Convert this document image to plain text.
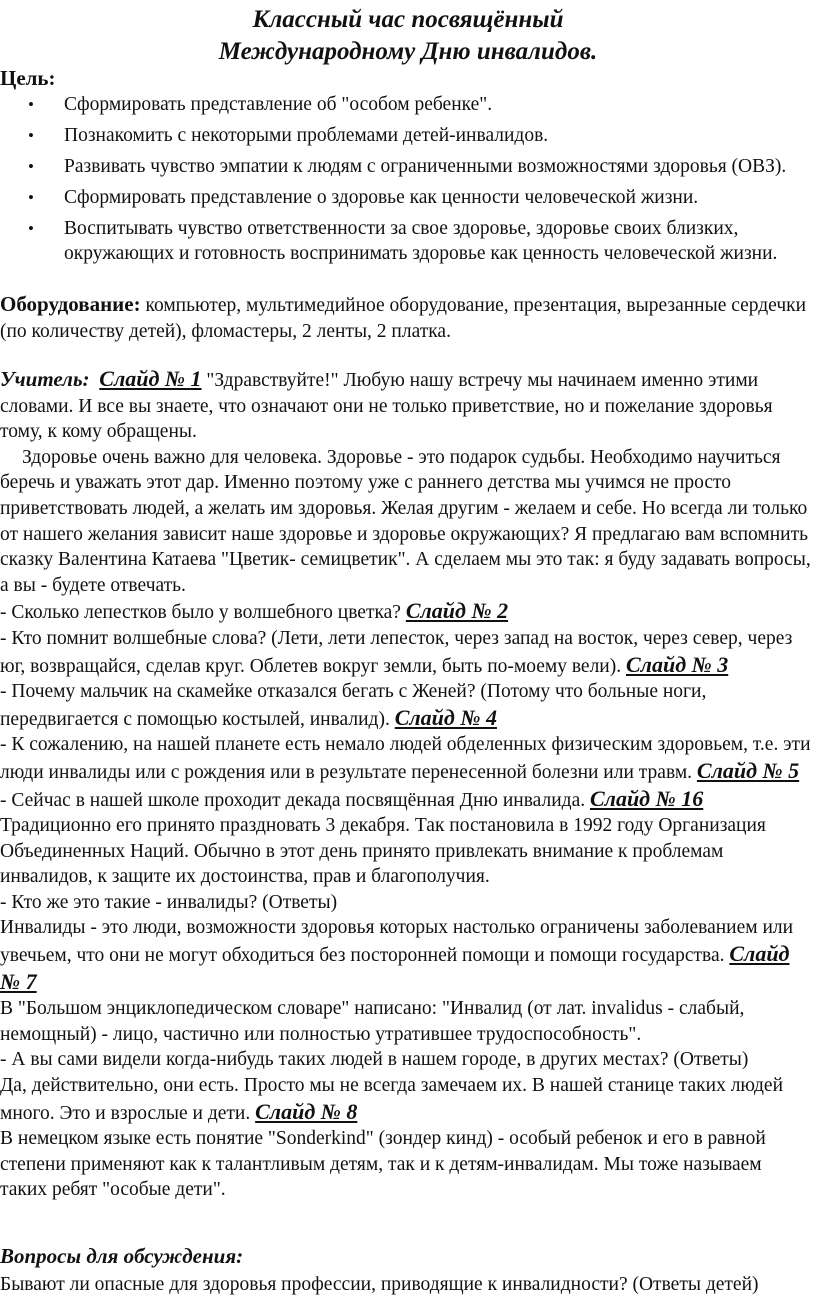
Классный час посвящённый
Международному Дню инвалидов.
Цель:
• Сформировать представление об "особом ребенке".
• Познакомить с некоторыми проблемами детей-инвалидов.
• Развивать чувство эмпатии к людям с ограниченными возможностями здоровья (ОВЗ).
• Сформировать представление о здоровье как ценности человеческой жизни.
• Воспитывать чувство ответственности за свое здоровье, здоровье своих близких, окружающих и готовность воспринимать здоровье как ценность человеческой жизни.
Оборудование: компьютер, мультимедийное оборудование, презентация, вырезанные сердечки (по количеству детей), фломастеры, 2 ленты, 2 платка.
Учитель: Слайд № 1 "Здравствуйте!" Любую нашу встречу мы начинаем именно этими словами. И все вы знаете, что означают они не только приветствие, но и пожелание здоровья тому, к кому обращены.
Здоровье очень важно для человека. Здоровье - это подарок судьбы. Необходимо научиться беречь и уважать этот дар. Именно поэтому уже с раннего детства мы учимся не просто приветствовать людей, а желать им здоровья. Желая другим - желаем и себе. Но всегда ли только от нашего желания зависит наше здоровье и здоровье окружающих? Я предлагаю вам вспомнить сказку Валентина Катаева "Цветик- семицветик". А сделаем мы это так: я буду задавать вопросы, а вы - будете отвечать.
- Сколько лепестков было у волшебного цветка? Слайд № 2
- Кто помнит волшебные слова? (Лети, лети лепесток, через запад на восток, через север, через юг, возвращайся, сделав круг. Облетев вокруг земли, быть по-моему вели). Слайд № 3
- Почему мальчик на скамейке отказался бегать с Женей? (Потому что больные ноги, передвигается с помощью костылей, инвалид). Слайд № 4
- К сожалению, на нашей планете есть немало людей обделенных физическим здоровьем, т.е. эти люди инвалиды или с рождения или в результате перенесенной болезни или травм. Слайд № 5
- Сейчас в нашей школе проходит декада посвящённая Дню инвалида. Слайд № 16
Традиционно его принято праздновать 3 декабря. Так постановила в 1992 году Организация Объединенных Наций. Обычно в этот день принято привлекать внимание к проблемам инвалидов, к защите их достоинства, прав и благополучия.
- Кто же это такие - инвалиды? (Ответы)
Инвалиды - это люди, возможности здоровья которых настолько ограничены заболеванием или увечьем, что они не могут обходиться без посторонней помощи и помощи государства. Слайд № 7
В "Большом энциклопедическом словаре" написано: "Инвалид (от лат. invalidus - слабый, немощный) - лицо, частично или полностью утратившее трудоспособность".
- А вы сами видели когда-нибудь таких людей в нашем городе, в других местах? (Ответы)
Да, действительно, они есть. Просто мы не всегда замечаем их. В нашей станице таких людей много. Это и взрослые и дети. Слайд № 8
В немецком языке есть понятие "Sonderkind" (зондер кинд) - особый ребенок и его в равной степени применяют как к талантливым детям, так и к детям-инвалидам. Мы тоже называем таких ребят "особые дети".
Вопросы для обсуждения:
Бывают ли опасные для здоровья профессии, приводящие к инвалидности? (Ответы детей)
